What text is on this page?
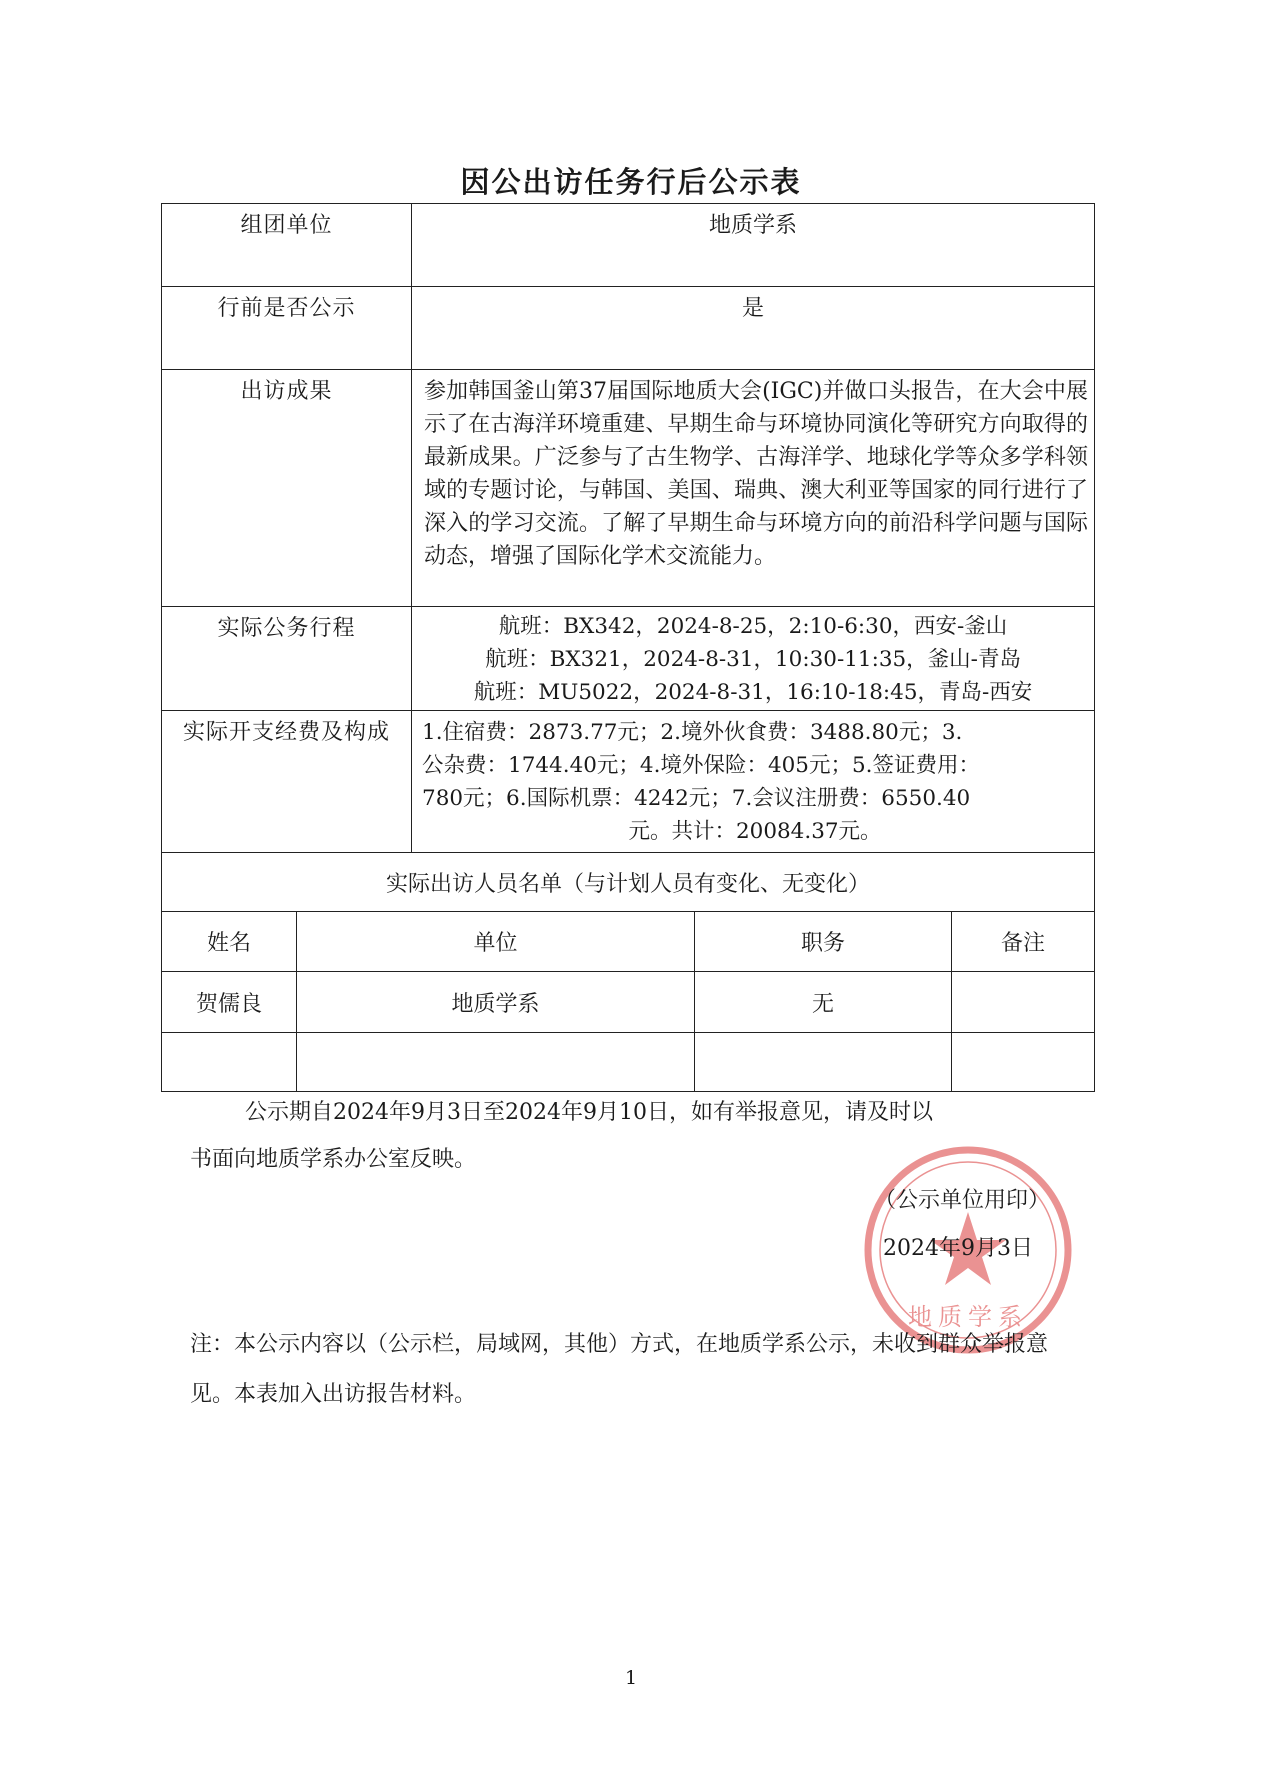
因公出访任务行后公示表
组团单位		地质学系		
行前是否公示		是		
出访成果		参加韩国釜山第37届国际地质大会(IGC)并做口头报告，在大会中展示了在古海洋环境重建、早期生命与环境协同演化等研究方向取得的最新成果。广泛参与了古生物学、古海洋学、地球化学等众多学科领域的专题讨论，与韩国、美国、瑞典、澳大利亚等国家的同行进行了深入的学习交流。了解了早期生命与环境方向的前沿科学问题与国际动态，增强了国际化学术交流能力。		
实际公务行程		航班：BX342，2024-8-25，2:10-6:30，西安-釜山
航班：BX321，2024-8-31，10:30-11:35，釜山-青岛
航班：MU5022，2024-8-31，16:10-18:45，青岛-西安		

实际开支经费及构成		1.住宿费：2873.77元；2.境外伙食费：3488.80元；3.
公杂费：1744.40元；4.境外保险：405元；5.签证费用：
780元；6.国际机票：4242元；7.会议注册费：6550.40
元。共计：20084.37元。		

实际出访人员名单（与计划人员有变化、无变化）				
姓名	单位		职务	备注
贺儒良	地质学系		无	

公示期自2024年9月3日至2024年9月10日，如有举报意见，请及时以
书面向地质学系办公室反映。

地质学系
（公示单位用印）
2024年9月3日

注：本公示内容以（公示栏，局域网，其他）方式，在地质学系公示，未收到群众举报意见。本表加入出访报告材料。

1
